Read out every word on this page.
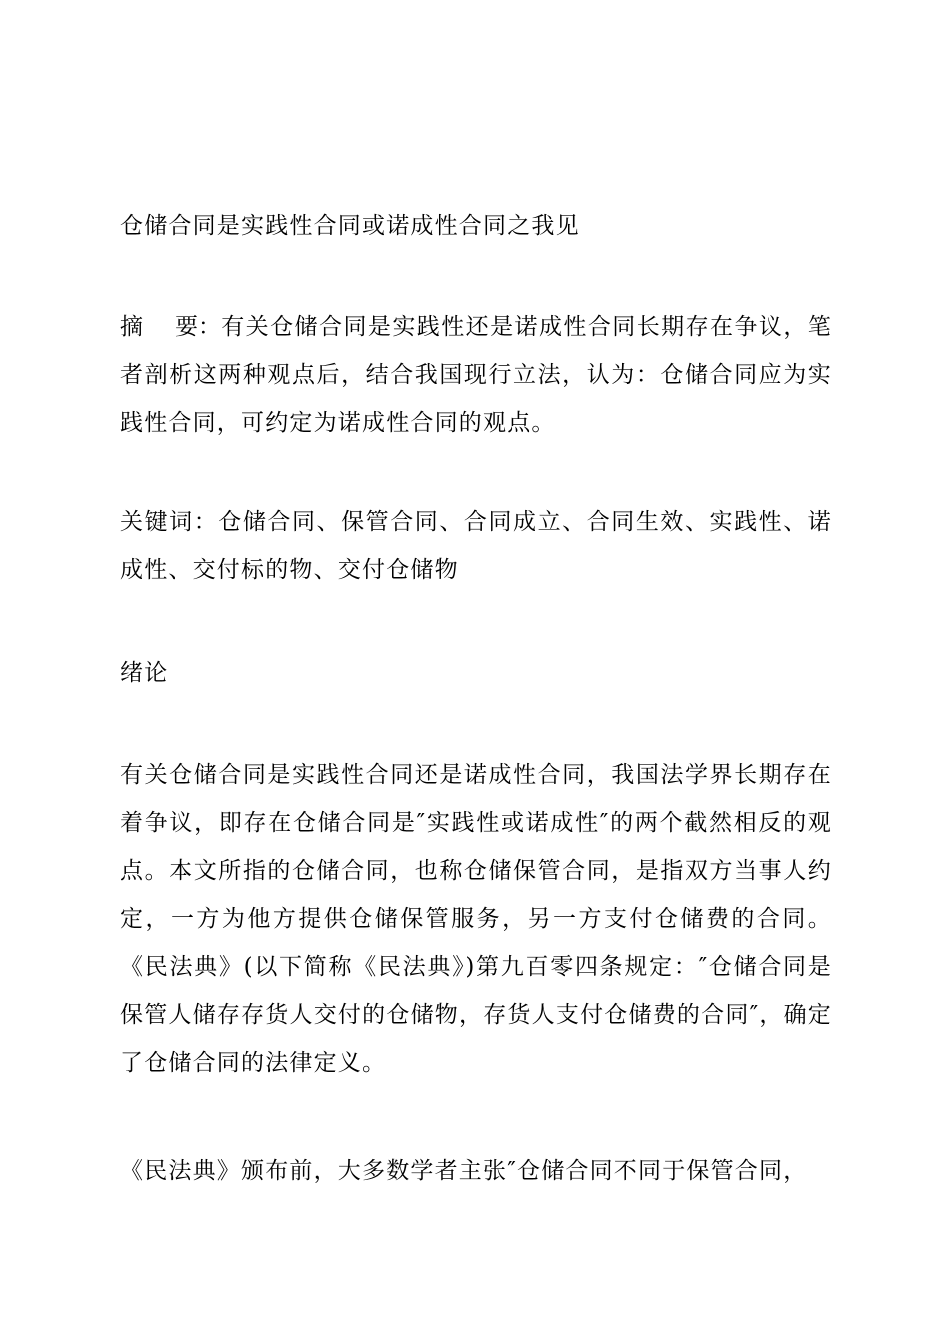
仓储合同是实践性合同或诺成性合同之我见

摘 要：有关仓储合同是实践性还是诺成性合同长期存在争议，笔者剖析这两种观点后，结合我国现行立法，认为：仓储合同应为实践性合同，可约定为诺成性合同的观点。

关键词：仓储合同、保管合同、合同成立、合同生效、实践性、诺成性、交付标的物、交付仓储物

绪论

有关仓储合同是实践性合同还是诺成性合同，我国法学界长期存在着争议，即存在仓储合同是″实践性或诺成性″的两个截然相反的观点。本文所指的仓储合同，也称仓储保管合同，是指双方当事人约定，一方为他方提供仓储保管服务，另一方支付仓储费的合同。《民法典》(以下简称《民法典》)第九百零四条规定：″仓储合同是保管人储存存货人交付的仓储物，存货人支付仓储费的合同″，确定了仓储合同的法律定义。

《民法典》颁布前，大多数学者主张″仓储合同不同于保管合同，
